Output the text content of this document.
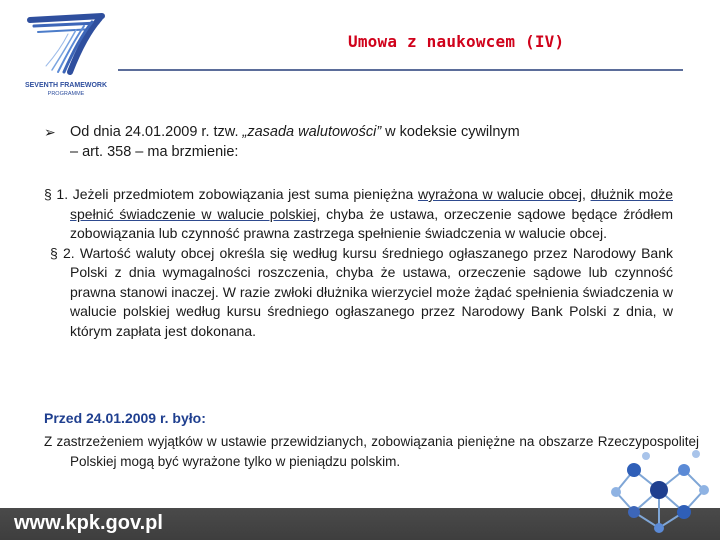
SEVENTH FRAMEWORK
PROGRAMME
Umowa z naukowcem (IV)
➢ Od dnia 24.01.2009 r. tzw. „zasada walutowości” w kodeksie cywilnym
– art. 358 – ma brzmienie:
§ 1. Jeżeli przedmiotem zobowiązania jest suma pieniężna wyrażona w walucie obcej, dłużnik może spełnić świadczenie w walucie polskiej, chyba że ustawa, orzeczenie sądowe będące źródłem zobowiązania lub czynność prawna zastrzega spełnienie świadczenia w walucie obcej.
§ 2. Wartość waluty obcej określa się według kursu średniego ogłaszanego przez Narodowy Bank Polski z dnia wymagalności roszczenia, chyba że ustawa, orzeczenie sądowe lub czynność prawna stanowi inaczej. W razie zwłoki dłużnika wierzyciel może żądać spełnienia świadczenia w walucie polskiej według kursu średniego ogłaszanego przez Narodowy Bank Polski z dnia, w którym zapłata jest dokonana.
Przed 24.01.2009 r. było:
Z zastrzeżeniem wyjątków w ustawie przewidzianych, zobowiązania pieniężne na obszarze Rzeczypospolitej Polskiej mogą być wyrażone tylko w pieniądzu polskim.
www.kpk.gov.pl
